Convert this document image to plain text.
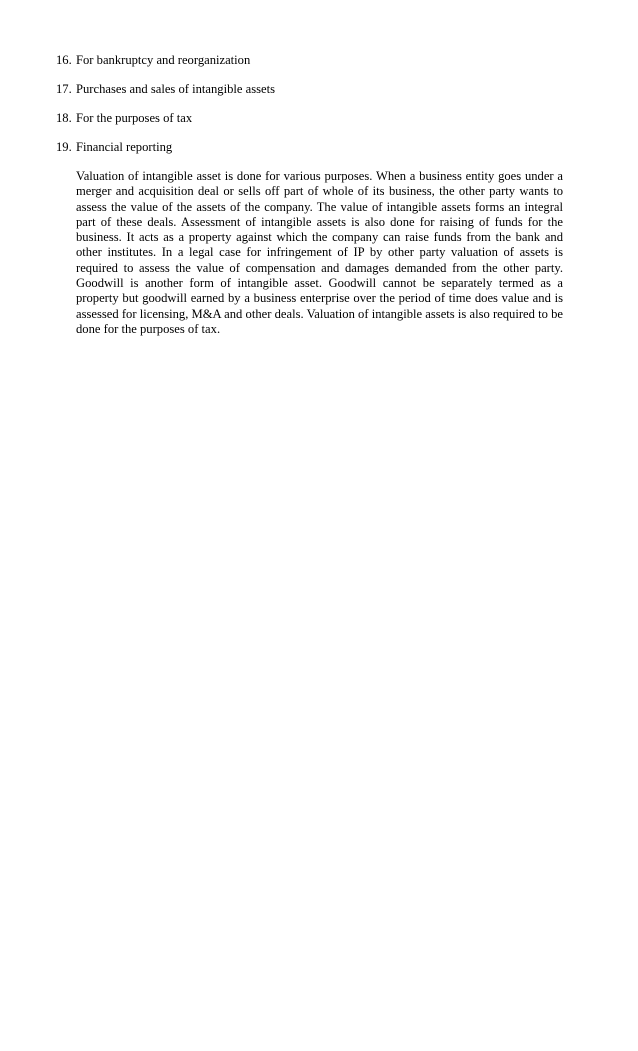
16. For bankruptcy and reorganization
17. Purchases and sales of intangible assets
18. For the purposes of tax
19. Financial reporting

Valuation of intangible asset is done for various purposes. When a business entity goes under a merger and acquisition deal or sells off part of whole of its business, the other party wants to assess the value of the assets of the company. The value of intangible assets forms an integral part of these deals. Assessment of intangible assets is also done for raising of funds for the business. It acts as a property against which the company can raise funds from the bank and other institutes. In a legal case for infringement of IP by other party valuation of assets is required to assess the value of compensation and damages demanded from the other party. Goodwill is another form of intangible asset. Goodwill cannot be separately termed as a property but goodwill earned by a business enterprise over the period of time does value and is assessed for licensing, M&A and other deals. Valuation of intangible assets is also required to be done for the purposes of tax.
